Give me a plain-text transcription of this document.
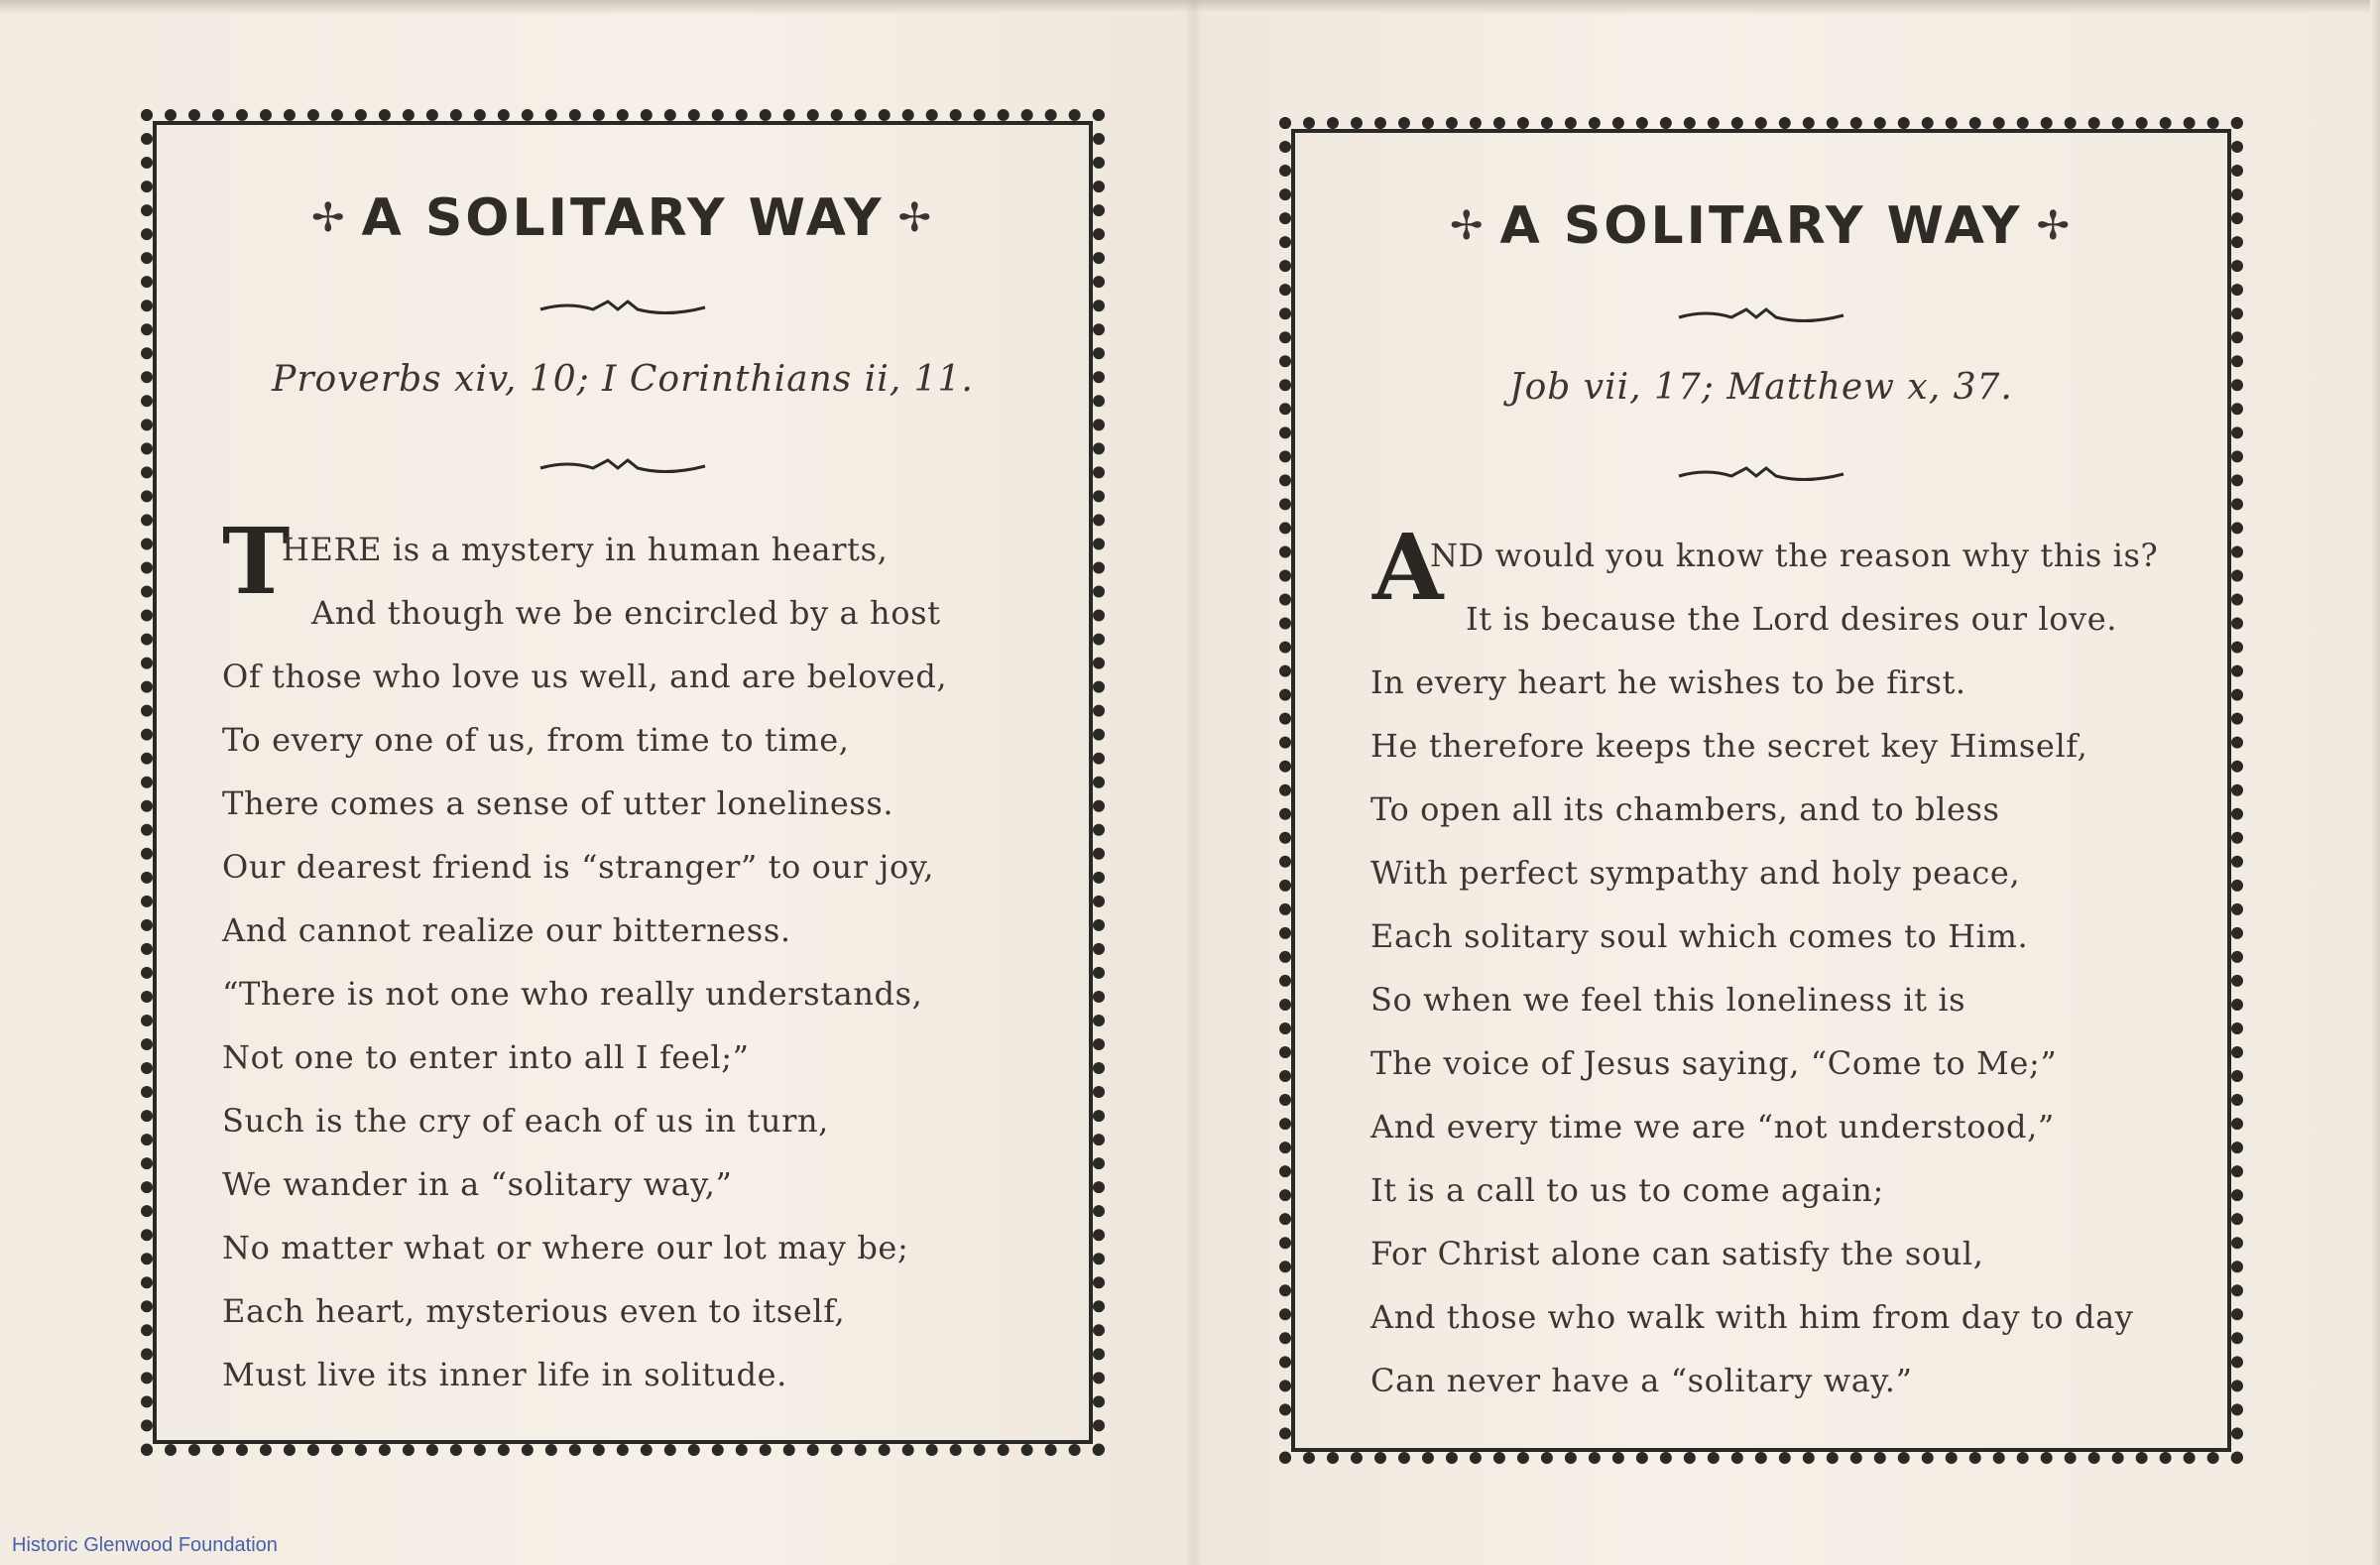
✢ A SOLITARY WAY ✢
Proverbs xiv, 10; I Corinthians ii, 11.
T
HERE is a mystery in human hearts,
And though we be encircled by a host
Of those who love us well, and are beloved,
To every one of us, from time to time,
There comes a sense of utter loneliness.
Our dearest friend is “stranger” to our joy,
And cannot realize our bitterness.
“There is not one who really understands,
Not one to enter into all I feel;”
Such is the cry of each of us in turn,
We wander in a “solitary way,”
No matter what or where our lot may be;
Each heart, mysterious even to itself,
Must live its inner life in solitude.
✢ A SOLITARY WAY ✢
Job vii, 17; Matthew x, 37.
A
ND would you know the reason why this is?
It is because the Lord desires our love.
In every heart he wishes to be first.
He therefore keeps the secret key Himself,
To open all its chambers, and to bless
With perfect sympathy and holy peace,
Each solitary soul which comes to Him.
So when we feel this loneliness it is
The voice of Jesus saying, “Come to Me;”
And every time we are “not understood,”
It is a call to us to come again;
For Christ alone can satisfy the soul,
And those who walk with him from day to day
Can never have a “solitary way.”
Historic Glenwood Foundation
